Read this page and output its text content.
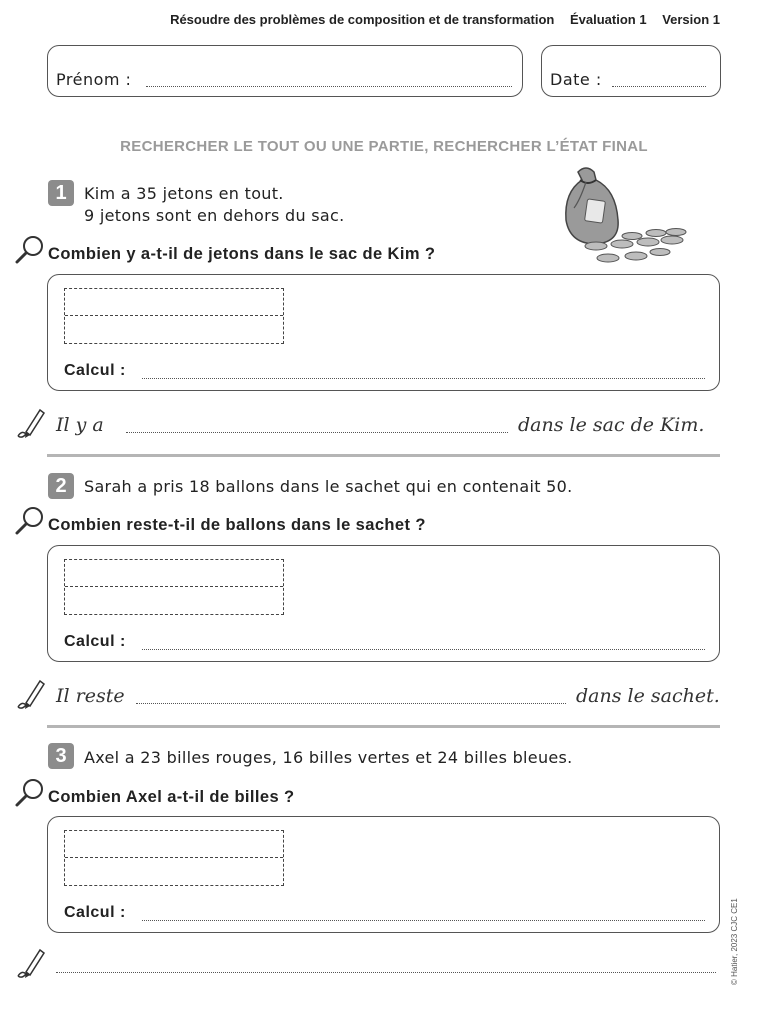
Résoudre des problèmes de composition et de transformation Évaluation 1 Version 1
Prénom :	Date :
RECHERCHER LE TOUT OU UNE PARTIE, RECHERCHER L’ÉTAT FINAL
1	Kim a 35 jetons en tout.
9 jetons sont en dehors du sac.
Combien y a-t-il de jetons dans le sac de Kim ?
Calcul :
Il y a	dans le sac de Kim.
2	Sarah a pris 18 ballons dans le sachet qui en contenait 50.
Combien reste-t-il de ballons dans le sachet ?
Calcul :
Il reste	dans le sachet.
3	Axel a 23 billes rouges, 16 billes vertes et 24 billes bleues.
Combien Axel a-t-il de billes ?
Calcul :	© Hatier, 2023 CJC CE1
